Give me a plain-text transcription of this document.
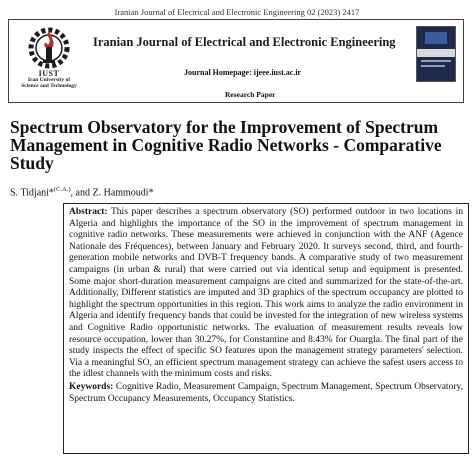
Iranian Journal of Electrical and Electronic Engineering 02 (2023) 2417
IUST
Iran University of
Science and Technology
Iranian Journal of Electrical and Electronic Engineering
Journal Homepage: ijeee.iust.ac.ir
Research Paper
Spectrum Observatory for the Improvement of Spectrum Management in Cognitive Radio Networks - Comparative Study
S. Tidjani*$^{(C.A.)}$, and Z. Hammoudi*
Abstract: This paper describes a spectrum observatory (SO) performed outdoor in two locations in Algeria and highlights the importance of the SO in the improvement of spectrum management in cognitive radio networks. These measurements were achieved in conjunction with the ANF (Agence Nationale des Fréquences), between January and February 2020. It surveys second, third, and fourth-generation mobile networks and DVB-T frequency bands. A comparative study of two measurement campaigns (in urban & rural) that were carried out via identical setup and equipment is presented. Some major short-duration measurement campaigns are cited and summarized for the state-of-the-art. Additionally, Different statistics are imputed and 3D graphics of the spectrum occupancy are plotted to highlight the spectrum opportunities in this region. This work aims to analyze the radio environment in Algeria and identify frequency bands that could be invested for the integration of new wireless systems and Cognitive Radio opportunistic networks. The evaluation of measurement results reveals low resource occupation, lower than 30.27%, for Constantine and 8.43% for Ouargla. The final part of the study inspects the effect of specific SO features upon the management strategy parameters' selection. Via a meaningful SO, an efficient spectrum management strategy can achieve the safest users access to the idlest channels with the minimum costs and risks.
Keywords: Cognitive Radio, Measurement Campaign, Spectrum Management, Spectrum Observatory, Spectrum Occupancy Measurements, Occupancy Statistics.
